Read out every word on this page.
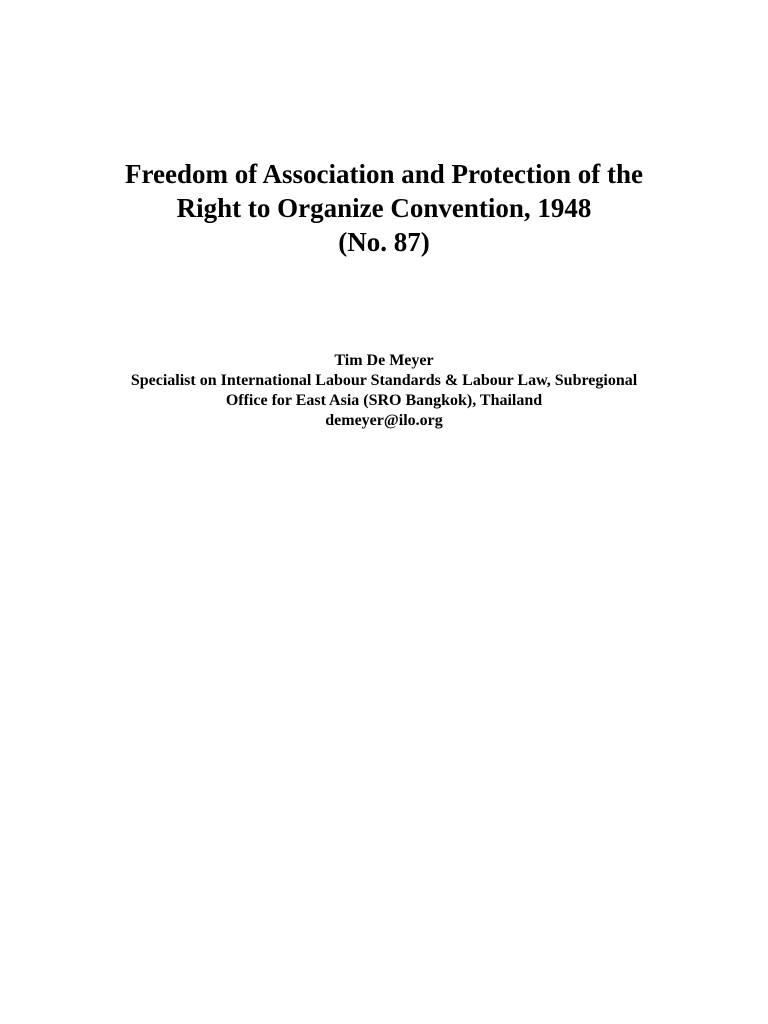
Freedom of Association and Protection of the
Right to Organize Convention, 1948
(No. 87)
Tim De Meyer
Specialist on International Labour Standards & Labour Law, Subregional
Office for East Asia (SRO Bangkok), Thailand
demeyer@ilo.org
